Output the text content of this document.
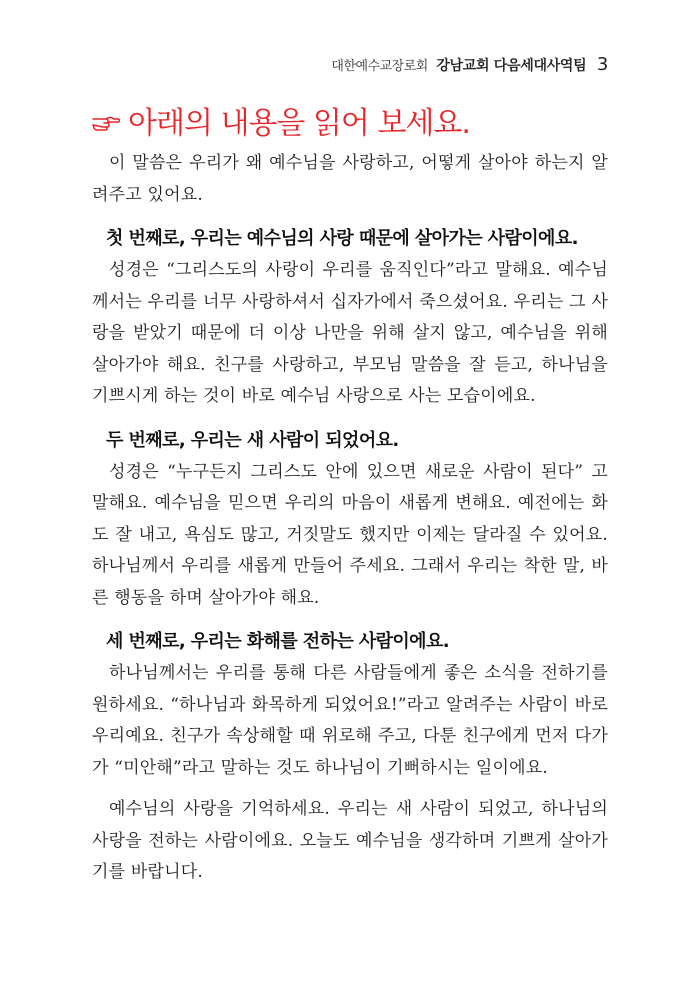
대한예수교장로회 강남교회 다음세대사역팀 3
아래의 내용을 읽어 보세요.

이 말씀은 우리가 왜 예수님을 사랑하고, 어떻게 살아야 하는지 알려주고 있어요.

첫 번째로, 우리는 예수님의 사랑 때문에 살아가는 사람이에요.

성경은 “그리스도의 사랑이 우리를 움직인다”라고 말해요. 예수님께서는 우리를 너무 사랑하셔서 십자가에서 죽으셨어요. 우리는 그 사랑을 받았기 때문에 더 이상 나만을 위해 살지 않고, 예수님을 위해 살아가야 해요. 친구를 사랑하고, 부모님 말씀을 잘 듣고, 하나님을 기쁘시게 하는 것이 바로 예수님 사랑으로 사는 모습이에요.

두 번째로, 우리는 새 사람이 되었어요.

성경은 “누구든지 그리스도 안에 있으면 새로운 사람이 된다” 고 말해요. 예수님을 믿으면 우리의 마음이 새롭게 변해요. 예전에는 화도 잘 내고, 욕심도 많고, 거짓말도 했지만 이제는 달라질 수 있어요. 하나님께서 우리를 새롭게 만들어 주세요. 그래서 우리는 착한 말, 바른 행동을 하며 살아가야 해요.

세 번째로, 우리는 화해를 전하는 사람이에요.

하나님께서는 우리를 통해 다른 사람들에게 좋은 소식을 전하기를 원하세요. “하나님과 화목하게 되었어요!”라고 알려주는 사람이 바로 우리예요. 친구가 속상해할 때 위로해 주고, 다툰 친구에게 먼저 다가가 “미안해”라고 말하는 것도 하나님이 기뻐하시는 일이에요.

예수님의 사랑을 기억하세요. 우리는 새 사람이 되었고, 하나님의 사랑을 전하는 사람이에요. 오늘도 예수님을 생각하며 기쁘게 살아가기를 바랍니다.
